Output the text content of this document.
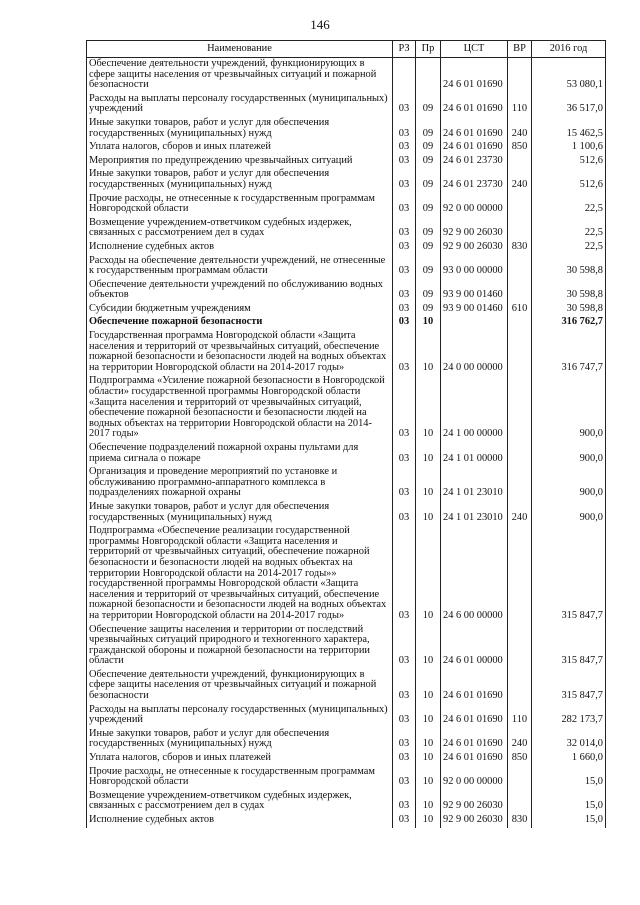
146
Наименование	РЗ	Пр	ЦСТ	ВР	2016 год
Обеспечение деятельности учреждений, функционирующих в сфере защиты населения от чрезвычайных ситуаций и пожарной безопасности			24 6 01 01690		53 080,1
Расходы на выплаты персоналу государственных (муниципальных) учреждений	03	09	24 6 01 01690	110	36 517,0
Иные закупки товаров, работ и услуг для обеспечения государственных (муниципальных) нужд	03	09	24 6 01 01690	240	15 462,5
Уплата налогов, сборов и иных платежей	03	09	24 6 01 01690	850	1 100,6
Мероприятия по предупреждению чрезвычайных ситуаций	03	09	24 6 01 23730		512,6
Иные закупки товаров, работ и услуг для обеспечения государственных (муниципальных) нужд	03	09	24 6 01 23730	240	512,6
Прочие расходы, не отнесенные к государственным программам Новгородской области	03	09	92 0 00 00000		22,5
Возмещение учреждением-ответчиком судебных издержек, связанных с рассмотрением дел в судах	03	09	92 9 00 26030		22,5
Исполнение судебных актов	03	09	92 9 00 26030	830	22,5
Расходы на обеспечение деятельности учреждений, не отнесенные к государственным программам области	03	09	93 0 00 00000		30 598,8
Обеспечение деятельности учреждений по обслуживанию водных объектов	03	09	93 9 00 01460		30 598,8
Субсидии бюджетным учреждениям	03	09	93 9 00 01460	610	30 598,8
Обеспечение пожарной безопасности	03	10			316 762,7
Государственная программа Новгородской области «Защита населения и территорий от чрезвычайных ситуаций, обеспечение пожарной безопасности и безопасности людей на водных объектах на территории Новгородской области на 2014-2017 годы»	03	10	24 0 00 00000		316 747,7
Подпрограмма «Усиление пожарной безопасности в Новгородской области» государственной программы Новгородской области «Защита населения и территорий от чрезвычайных ситуаций, обеспечение пожарной безопасности и безопасности людей на водных объектах на территории Новгородской области на 2014-2017 годы»	03	10	24 1 00 00000		900,0
Обеспечение подразделений пожарной охраны пультами для приема сигнала о пожаре	03	10	24 1 01 00000		900,0
Организация и проведение мероприятий по установке и обслуживанию программно-аппаратного комплекса в подразделениях пожарной охраны	03	10	24 1 01 23010		900,0
Иные закупки товаров, работ и услуг для обеспечения государственных (муниципальных) нужд	03	10	24 1 01 23010	240	900,0
Подпрограмма «Обеспечение реализации государственной программы Новгородской области «Защита населения и территорий от чрезвычайных ситуаций, обеспечение пожарной безопасности и безопасности людей на водных объектах на территории Новгородской области на 2014-2017 годы»» государственной программы Новгородской области «Защита населения и территорий от чрезвычайных ситуаций, обеспечение пожарной безопасности и безопасности людей на водных объектах на территории Новгородской области на 2014-2017 годы»	03	10	24 6 00 00000		315 847,7
Обеспечение защиты населения и территории от последствий чрезвычайных ситуаций природного и техногенного характера, гражданской обороны и пожарной безопасности на территории области	03	10	24 6 01 00000		315 847,7
Обеспечение деятельности учреждений, функционирующих в сфере защиты населения от чрезвычайных ситуаций и пожарной безопасности	03	10	24 6 01 01690		315 847,7
Расходы на выплаты персоналу государственных (муниципальных) учреждений	03	10	24 6 01 01690	110	282 173,7
Иные закупки товаров, работ и услуг для обеспечения государственных (муниципальных) нужд	03	10	24 6 01 01690	240	32 014,0
Уплата налогов, сборов и иных платежей	03	10	24 6 01 01690	850	1 660,0
Прочие расходы, не отнесенные к государственным программам Новгородской области	03	10	92 0 00 00000		15,0
Возмещение учреждением-ответчиком судебных издержек, связанных с рассмотрением дел в судах	03	10	92 9 00 26030		15,0
Исполнение судебных актов	03	10	92 9 00 26030	830	15,0
